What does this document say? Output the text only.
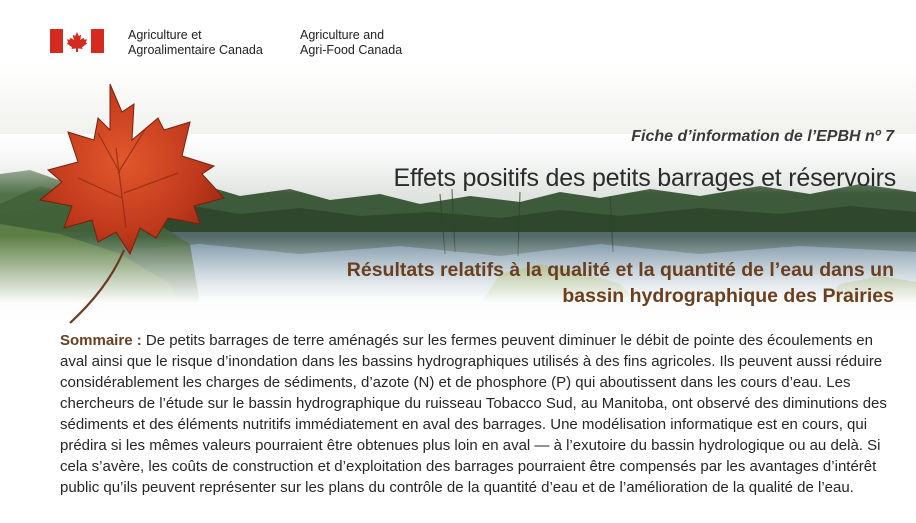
Agriculture et
Agroalimentaire Canada
Agriculture and
Agri-Food Canada
Fiche d’information de l’EPBH nº 7
Effets positifs des petits barrages et réservoirs
Résultats relatifs à la qualité et la quantité de l’eau dans un
bassin hydrographique des Prairies

Sommaire : De petits barrages de terre aménagés sur les fermes peuvent diminuer le débit de pointe des écoulements en aval ainsi que le risque d’inondation dans les bassins hydrographiques utilisés à des fins agricoles. Ils peuvent aussi réduire considérablement les charges de sédiments, d’azote (N) et de phosphore (P) qui aboutissent dans les cours d’eau. Les chercheurs de l’étude sur le bassin hydrographique du ruisseau Tobacco Sud, au Manitoba, ont observé des diminutions des sédiments et des éléments nutritifs immédiatement en aval des barrages. Une modélisation informatique est en cours, qui prédira si les mêmes valeurs pourraient être obtenues plus loin en aval — à l’exutoire du bassin hydrologique ou au delà. Si cela s’avère, les coûts de construction et d’exploitation des barrages pourraient être compensés par les avantages d’intérêt public qu’ils peuvent représenter sur les plans du contrôle de la quantité d’eau et de l’amélioration de la qualité de l’eau.
